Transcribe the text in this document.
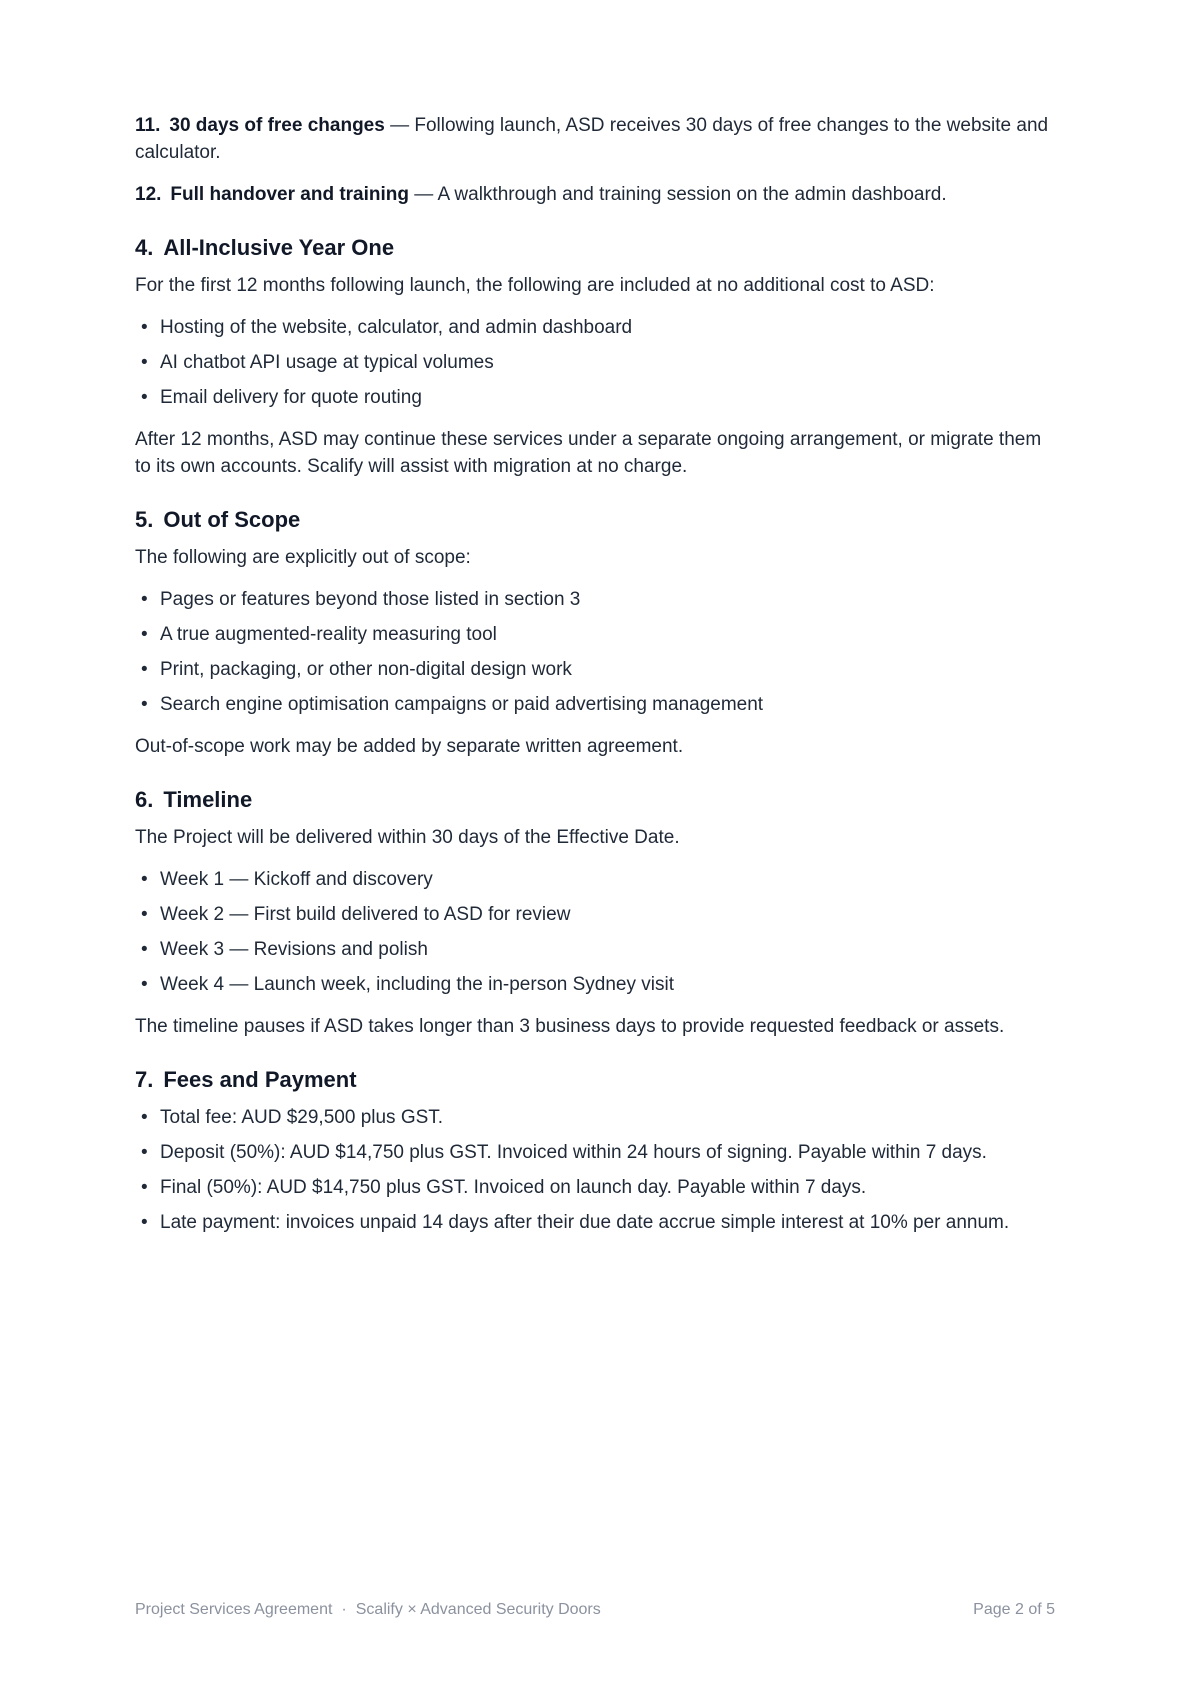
11. 30 days of free changes — Following launch, ASD receives 30 days of free changes to the website and calculator.

12. Full handover and training — A walkthrough and training session on the admin dashboard.

4. All-Inclusive Year One

For the first 12 months following launch, the following are included at no additional cost to ASD:

• Hosting of the website, calculator, and admin dashboard
• AI chatbot API usage at typical volumes
• Email delivery for quote routing

After 12 months, ASD may continue these services under a separate ongoing arrangement, or migrate them to its own accounts. Scalify will assist with migration at no charge.

5. Out of Scope

The following are explicitly out of scope:

• Pages or features beyond those listed in section 3
• A true augmented-reality measuring tool
• Print, packaging, or other non-digital design work
• Search engine optimisation campaigns or paid advertising management

Out-of-scope work may be added by separate written agreement.

6. Timeline

The Project will be delivered within 30 days of the Effective Date.

• Week 1 — Kickoff and discovery
• Week 2 — First build delivered to ASD for review
• Week 3 — Revisions and polish
• Week 4 — Launch week, including the in-person Sydney visit

The timeline pauses if ASD takes longer than 3 business days to provide requested feedback or assets.

7. Fees and Payment
• Total fee: AUD $29,500 plus GST.
• Deposit (50%): AUD $14,750 plus GST. Invoiced within 24 hours of signing. Payable within 7 days.
• Final (50%): AUD $14,750 plus GST. Invoiced on launch day. Payable within 7 days.
• Late payment: invoices unpaid 14 days after their due date accrue simple interest at 10% per annum.
Project Services Agreement · Scalify × Advanced Security Doors	Page 2 of 5
